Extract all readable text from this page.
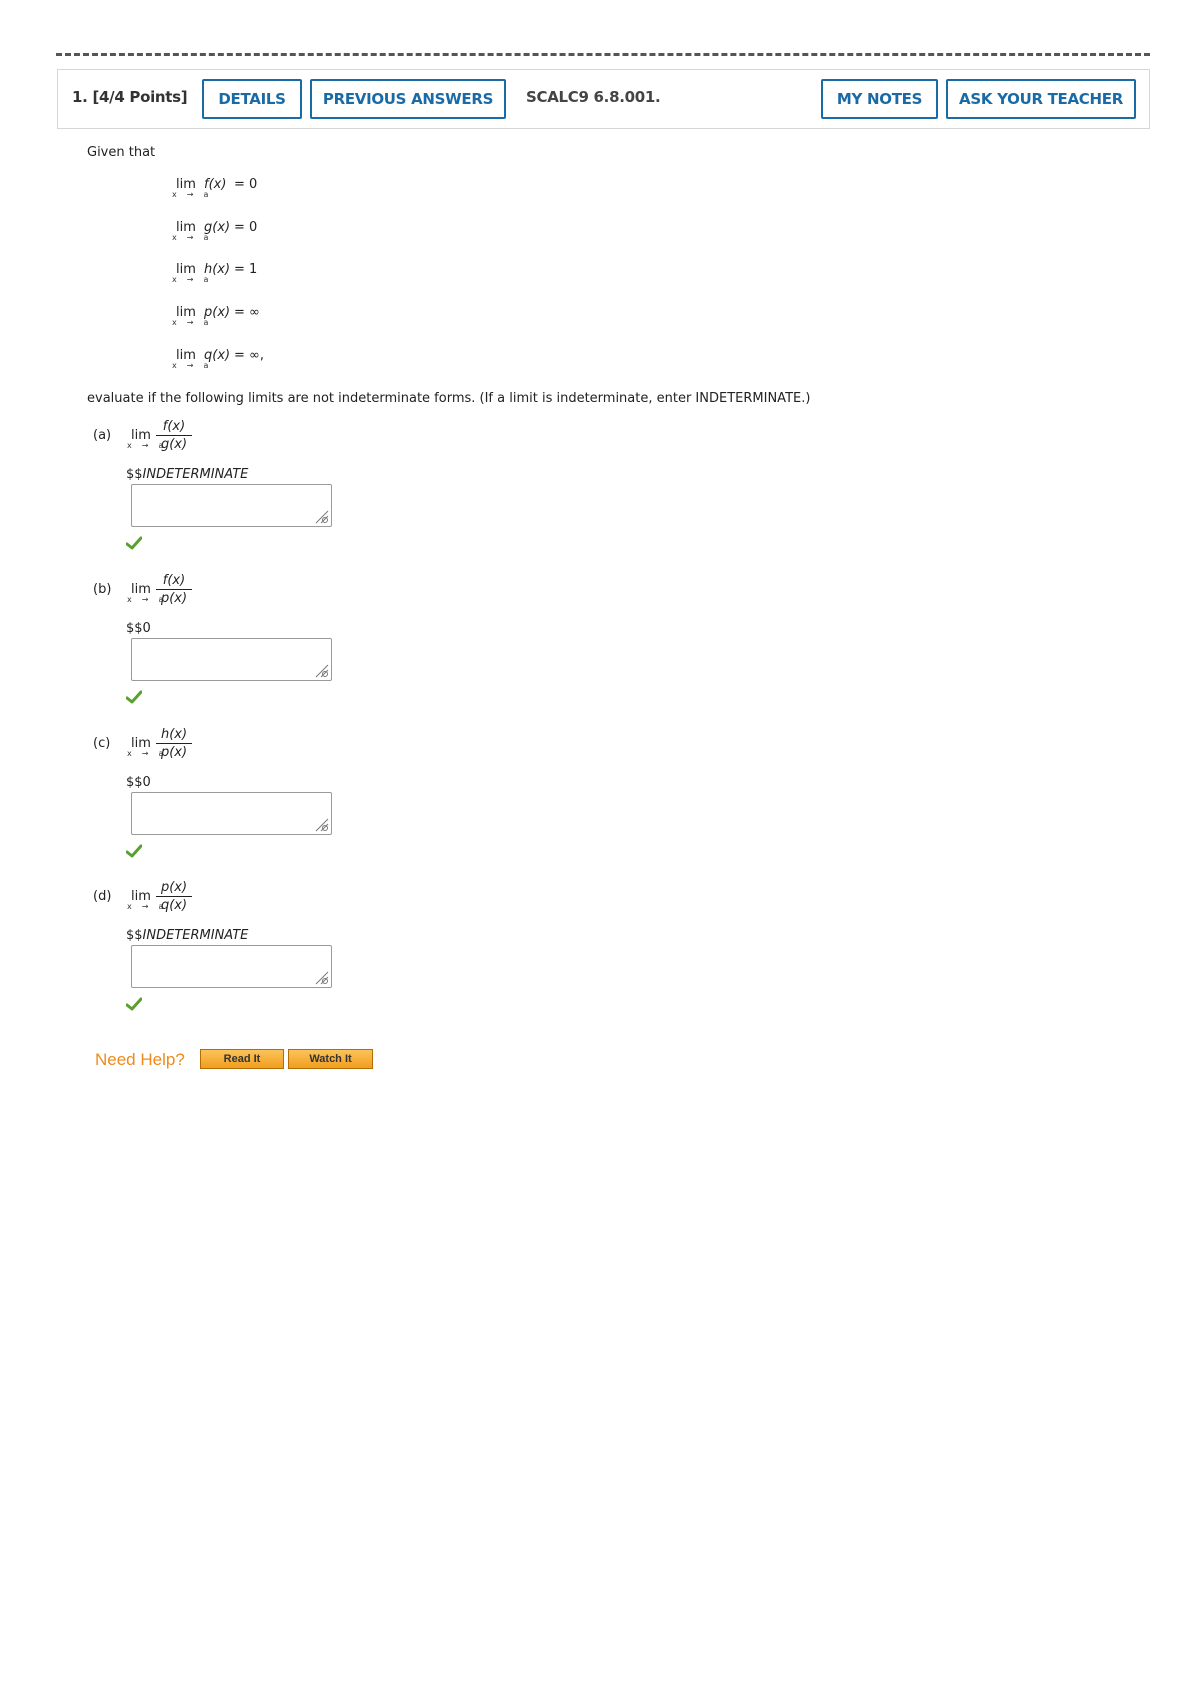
1. [4/4 Points]	DETAILS	PREVIOUS ANSWERS	SCALC9 6.8.001.	MY NOTES	ASK YOUR TEACHER
Given that
lim
x→a
f(x) = 0
lim
x→a
g(x) = 0
lim
x→a
h(x) = 1
lim
x→a
p(x) = ∞
lim
x→a
q(x) = ∞,
evaluate if the following limits are not indeterminate forms. (If a limit is indeterminate, enter INDETERMINATE.)
(a) lim
x→a
f(x)
g(x)
$$INDETERMINATE
(b) lim
x→a
f(x)
p(x)
$$0
(c) lim
x→a
h(x)
p(x)
$$0
(d) lim
x→a
p(x)
q(x)
$$INDETERMINATE
Need Help?	Read It	Watch It
